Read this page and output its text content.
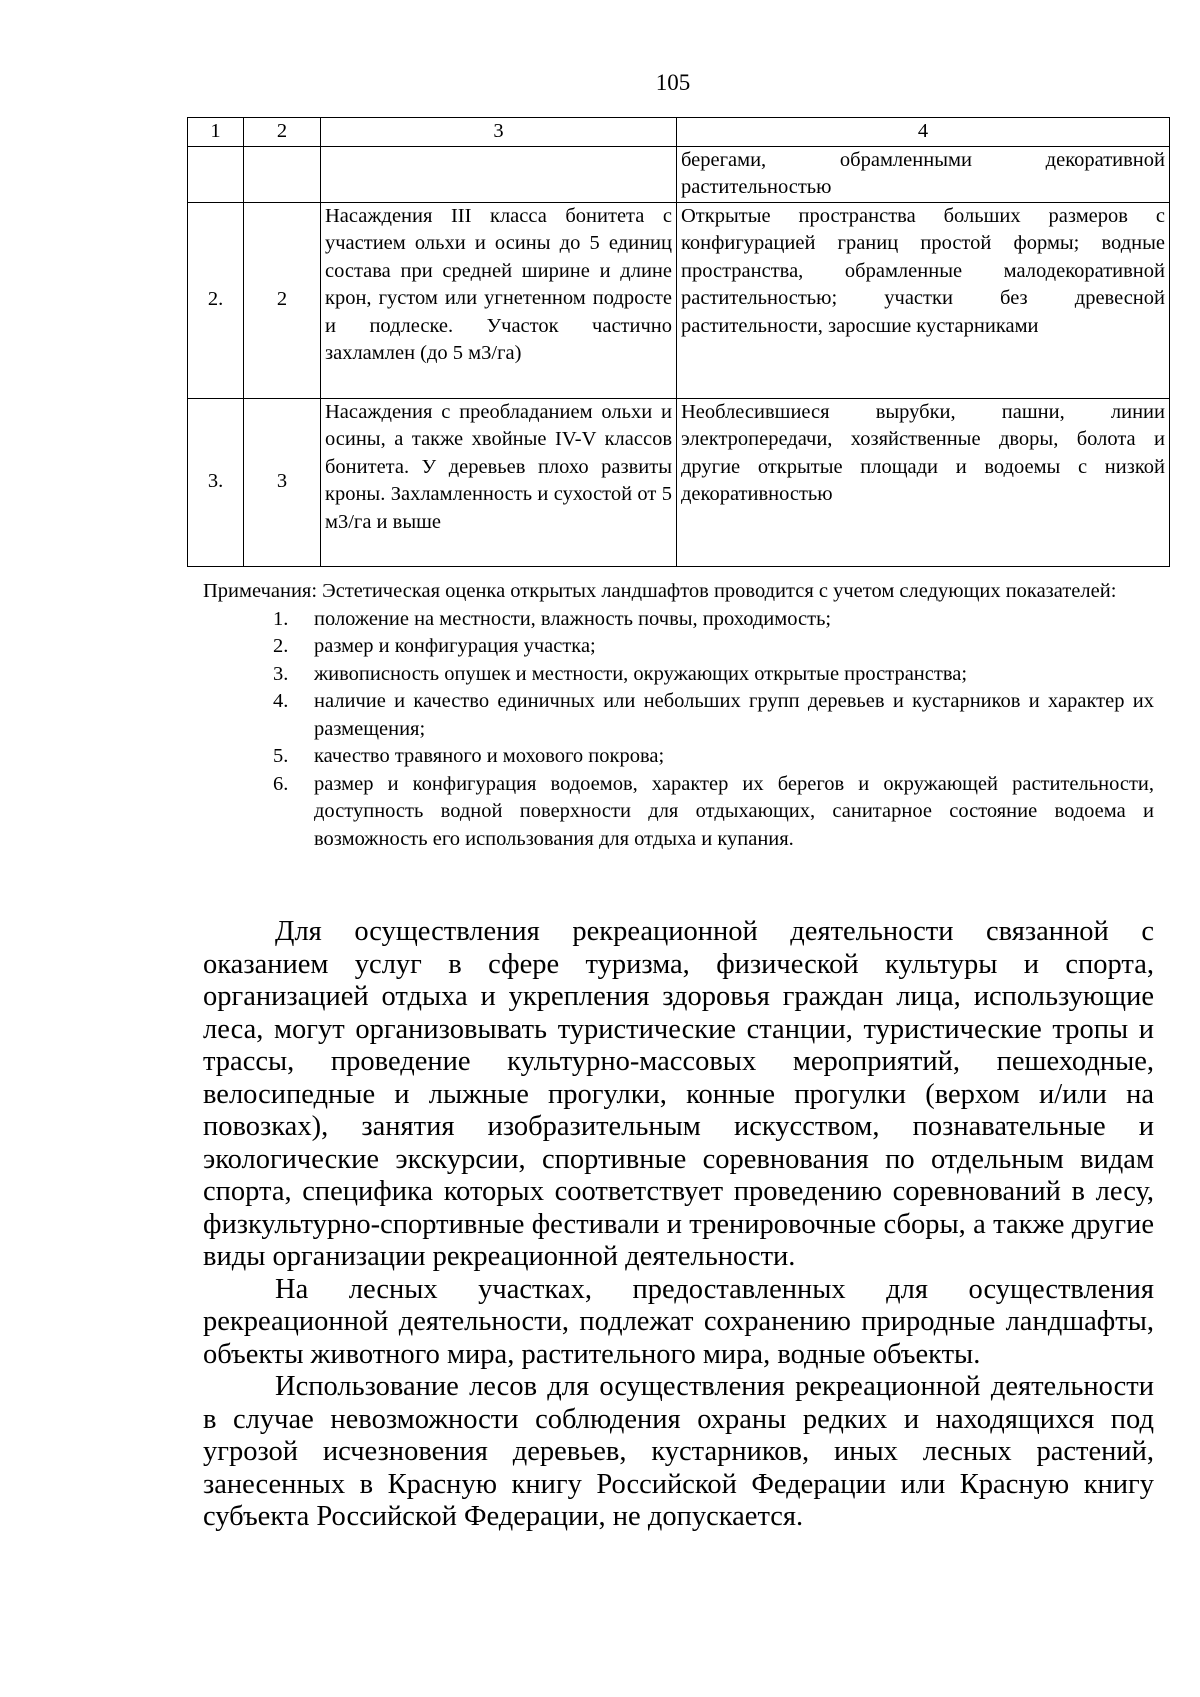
105
1	2	3	4

			берегами, обрамленными декоративной растительностью

2.	2	Насаждения III класса бонитета с участием ольхи и осины до 5 единиц состава при средней ширине и длине крон, густом или угнетенном подросте и подлеске. Участок частично захламлен (до 5 м3/га)	Открытые пространства больших размеров с конфигурацией границ простой формы; водные пространства, обрамленные малодекоративной растительностью; участки без древесной растительности, заросшие кустарниками

3.	3	Насаждения с преобладанием ольхи и осины, а также хвойные IV-V классов бонитета. У деревьев плохо развиты кроны. Захламленность и сухостой от 5 м3/га и выше	Необлесившиеся вырубки, пашни, линии электропередачи, хозяйственные дворы, болота и другие открытые площади и водоемы с низкой декоративностью
Примечания: Эстетическая оценка открытых ландшафтов проводится с учетом следующих показателей:
1.	положение на местности, влажность почвы, проходимость;
2.	размер и конфигурация участка;
3.	живописность опушек и местности, окружающих открытые пространства;
4.	наличие и качество единичных или небольших групп деревьев и кустарников и характер их размещения;
5.	качество травяного и мохового покрова;
6.	размер и конфигурация водоемов, характер их берегов и окружающей растительности, доступность водной поверхности для отдыхающих, санитарное состояние водоема и возможность его использования для отдыха и купания.

Для осуществления рекреационной деятельности связанной с оказанием услуг в сфере туризма, физической культуры и спорта, организацией отдыха и укрепления здоровья граждан лица, использующие леса, могут организовывать туристические станции, туристические тропы и трассы, проведение культурно-массовых мероприятий, пешеходные, велосипедные и лыжные прогулки, конные прогулки (верхом и/или на повозках), занятия изобразительным искусством, познавательные и экологические экскурсии, спортивные соревнования по отдельным видам спорта, специфика которых соответствует проведению соревнований в лесу, физкультурно-спортивные фестивали и тренировочные сборы, а также другие виды организации рекреационной деятельности.

На лесных участках, предоставленных для осуществления рекреационной деятельности, подлежат сохранению природные ландшафты, объекты животного мира, растительного мира, водные объекты.

Использование лесов для осуществления рекреационной деятельности в случае невозможности соблюдения охраны редких и находящихся под угрозой исчезновения деревьев, кустарников, иных лесных растений, занесенных в Красную книгу Российской Федерации или Красную книгу субъекта Российской Федерации, не допускается.
